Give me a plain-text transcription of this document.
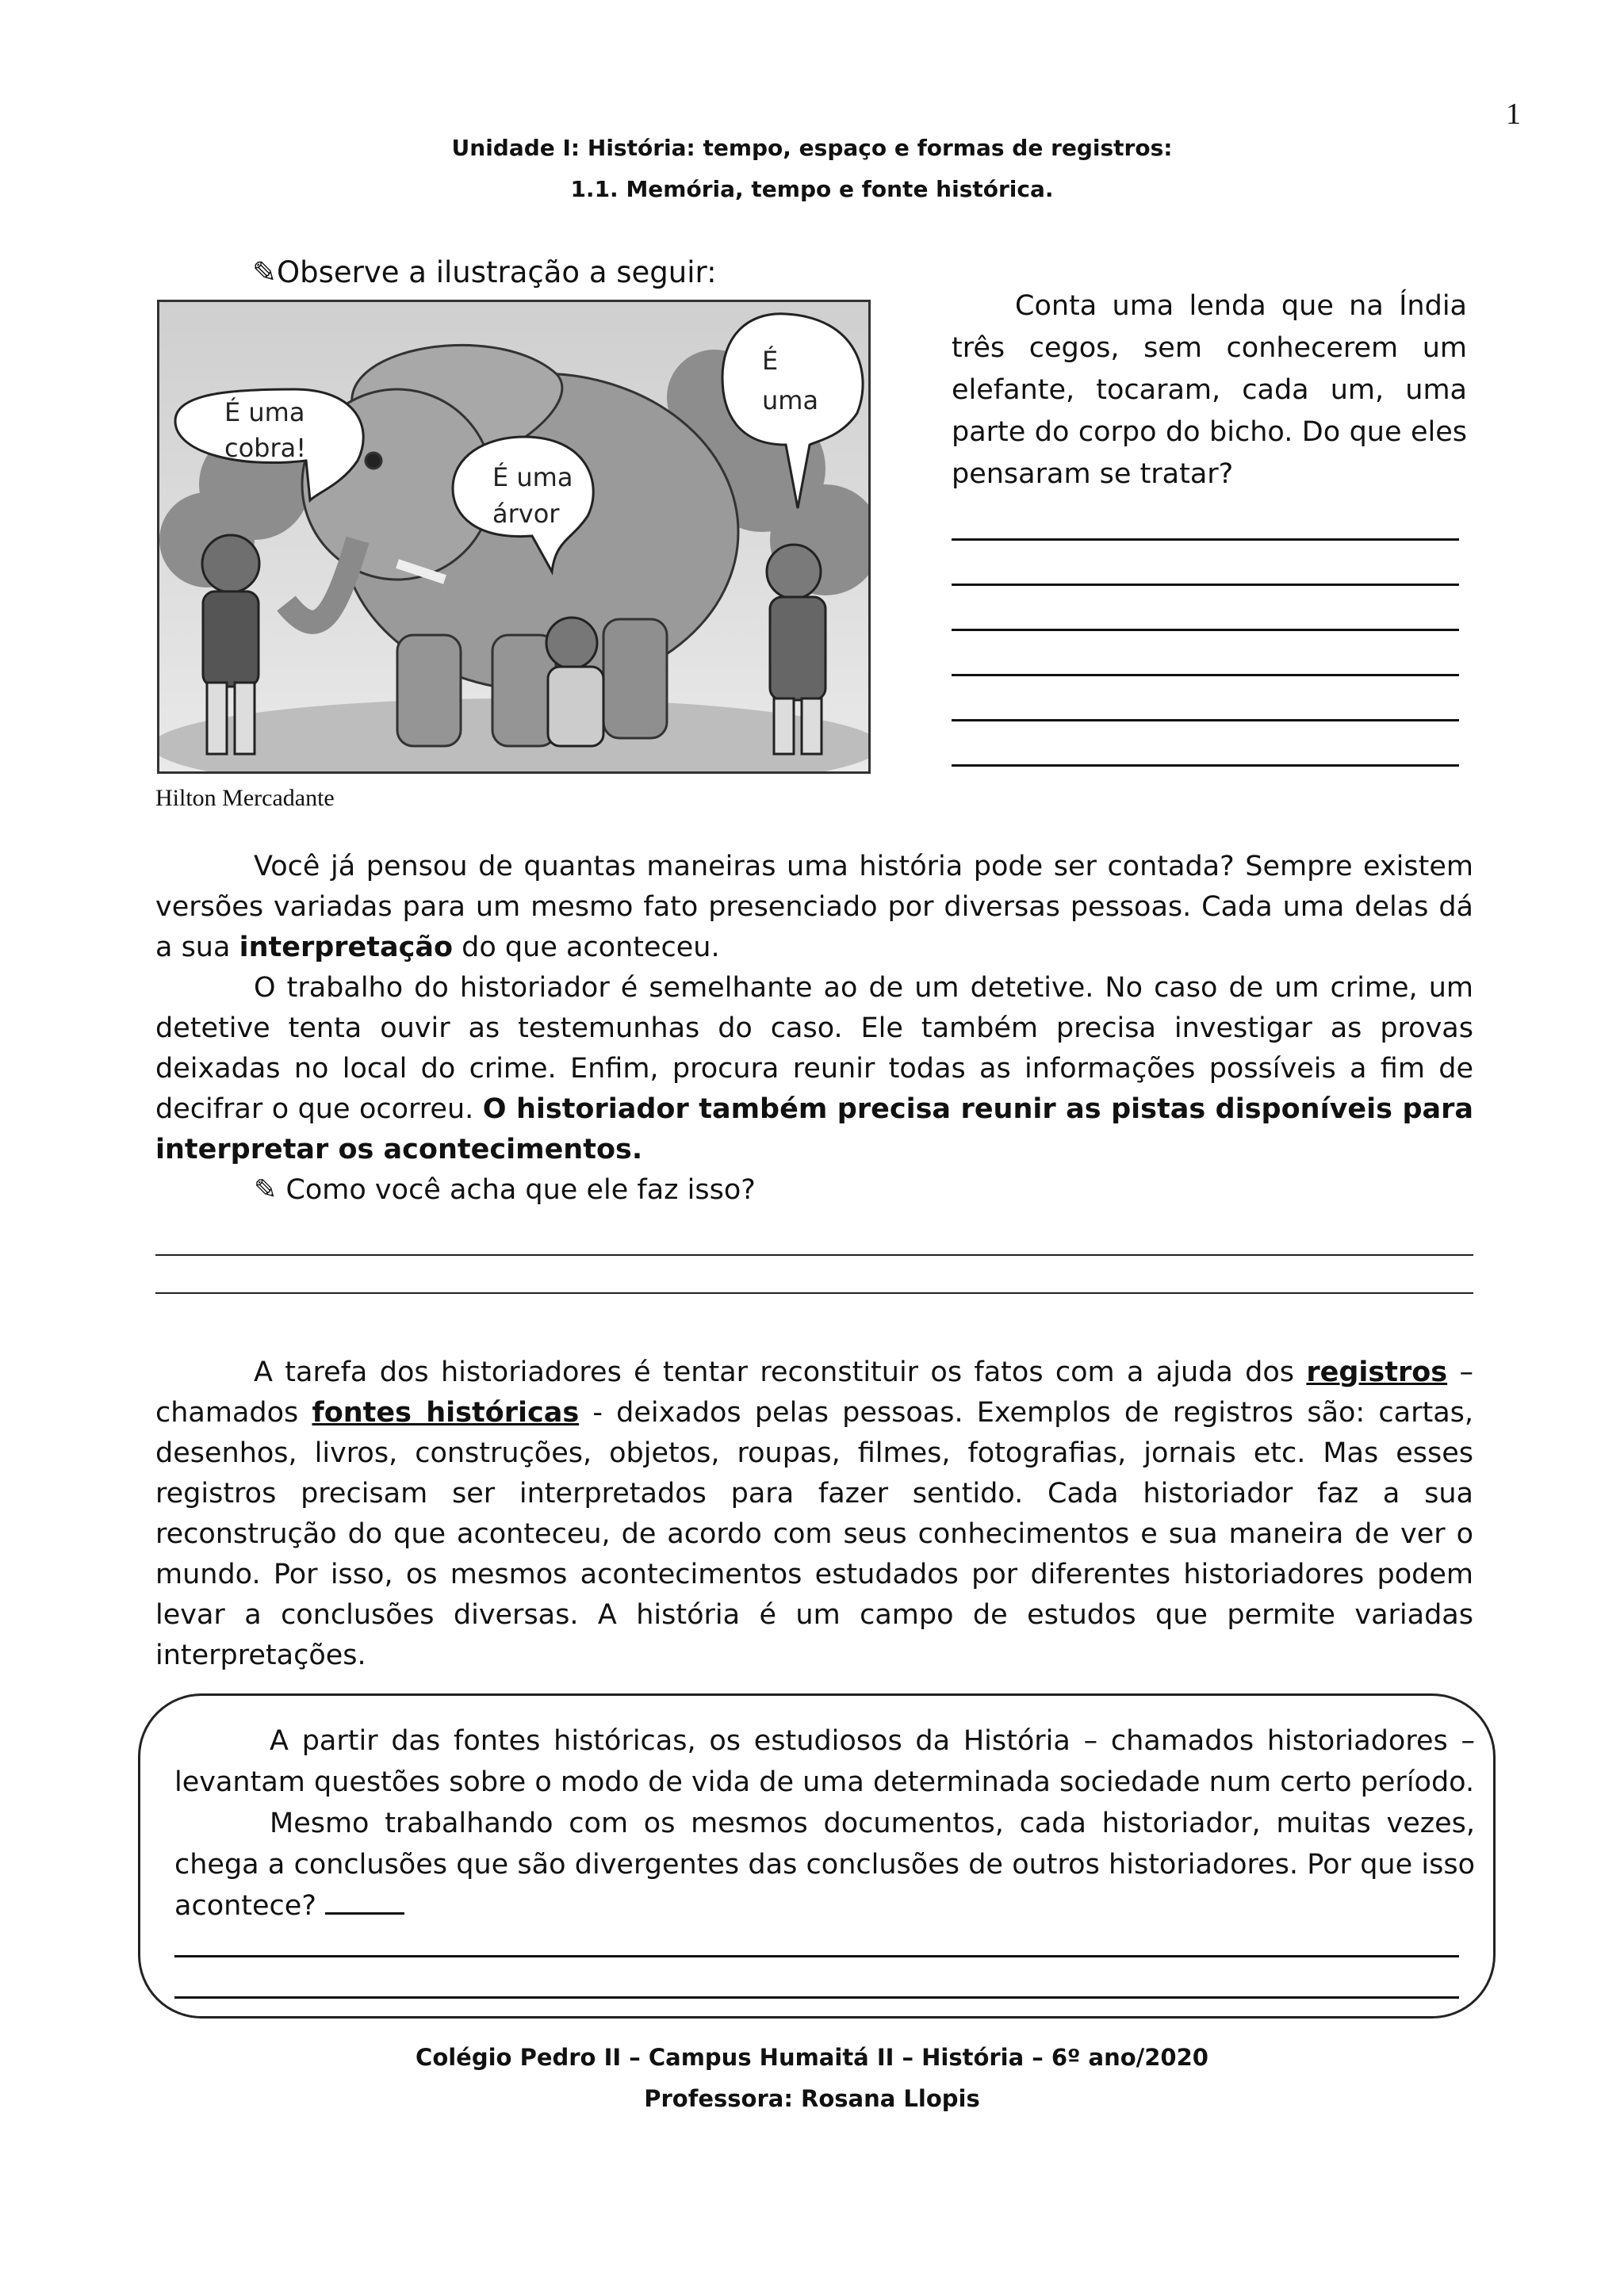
1
Unidade I: História: tempo, espaço e formas de registros:
1.1. Memória, tempo e fonte histórica.
✎Observe a ilustração a seguir:
É uma
cobra!
É uma
árvor
É
uma
Hilton Mercadante

Conta uma lenda que na Índia três cegos, sem conhecerem um elefante, tocaram, cada um, uma parte do corpo do bicho. Do que eles pensaram se tratar?

Você já pensou de quantas maneiras uma história pode ser contada? Sempre existem versões variadas para um mesmo fato presenciado por diversas pessoas. Cada uma delas dá a sua interpretação do que aconteceu.

O trabalho do historiador é semelhante ao de um detetive. No caso de um crime, um detetive tenta ouvir as testemunhas do caso. Ele também precisa investigar as provas deixadas no local do crime. Enfim, procura reunir todas as informações possíveis a fim de decifrar o que ocorreu. O historiador também precisa reunir as pistas disponíveis para interpretar os acontecimentos.

✎ Como você acha que ele faz isso?

A tarefa dos historiadores é tentar reconstituir os fatos com a ajuda dos registros – chamados fontes históricas - deixados pelas pessoas. Exemplos de registros são: cartas, desenhos, livros, construções, objetos, roupas, filmes, fotografias, jornais etc. Mas esses registros precisam ser interpretados para fazer sentido. Cada historiador faz a sua reconstrução do que aconteceu, de acordo com seus conhecimentos e sua maneira de ver o mundo. Por isso, os mesmos acontecimentos estudados por diferentes historiadores podem levar a conclusões diversas. A história é um campo de estudos que permite variadas interpretações.

A partir das fontes históricas, os estudiosos da História – chamados historiadores – levantam questões sobre o modo de vida de uma determinada sociedade num certo período.

Mesmo trabalhando com os mesmos documentos, cada historiador, muitas vezes, chega a conclusões que são divergentes das conclusões de outros historiadores. Por que isso acontece?

Colégio Pedro II – Campus Humaitá II – História – 6º ano/2020
Professora: Rosana Llopis
